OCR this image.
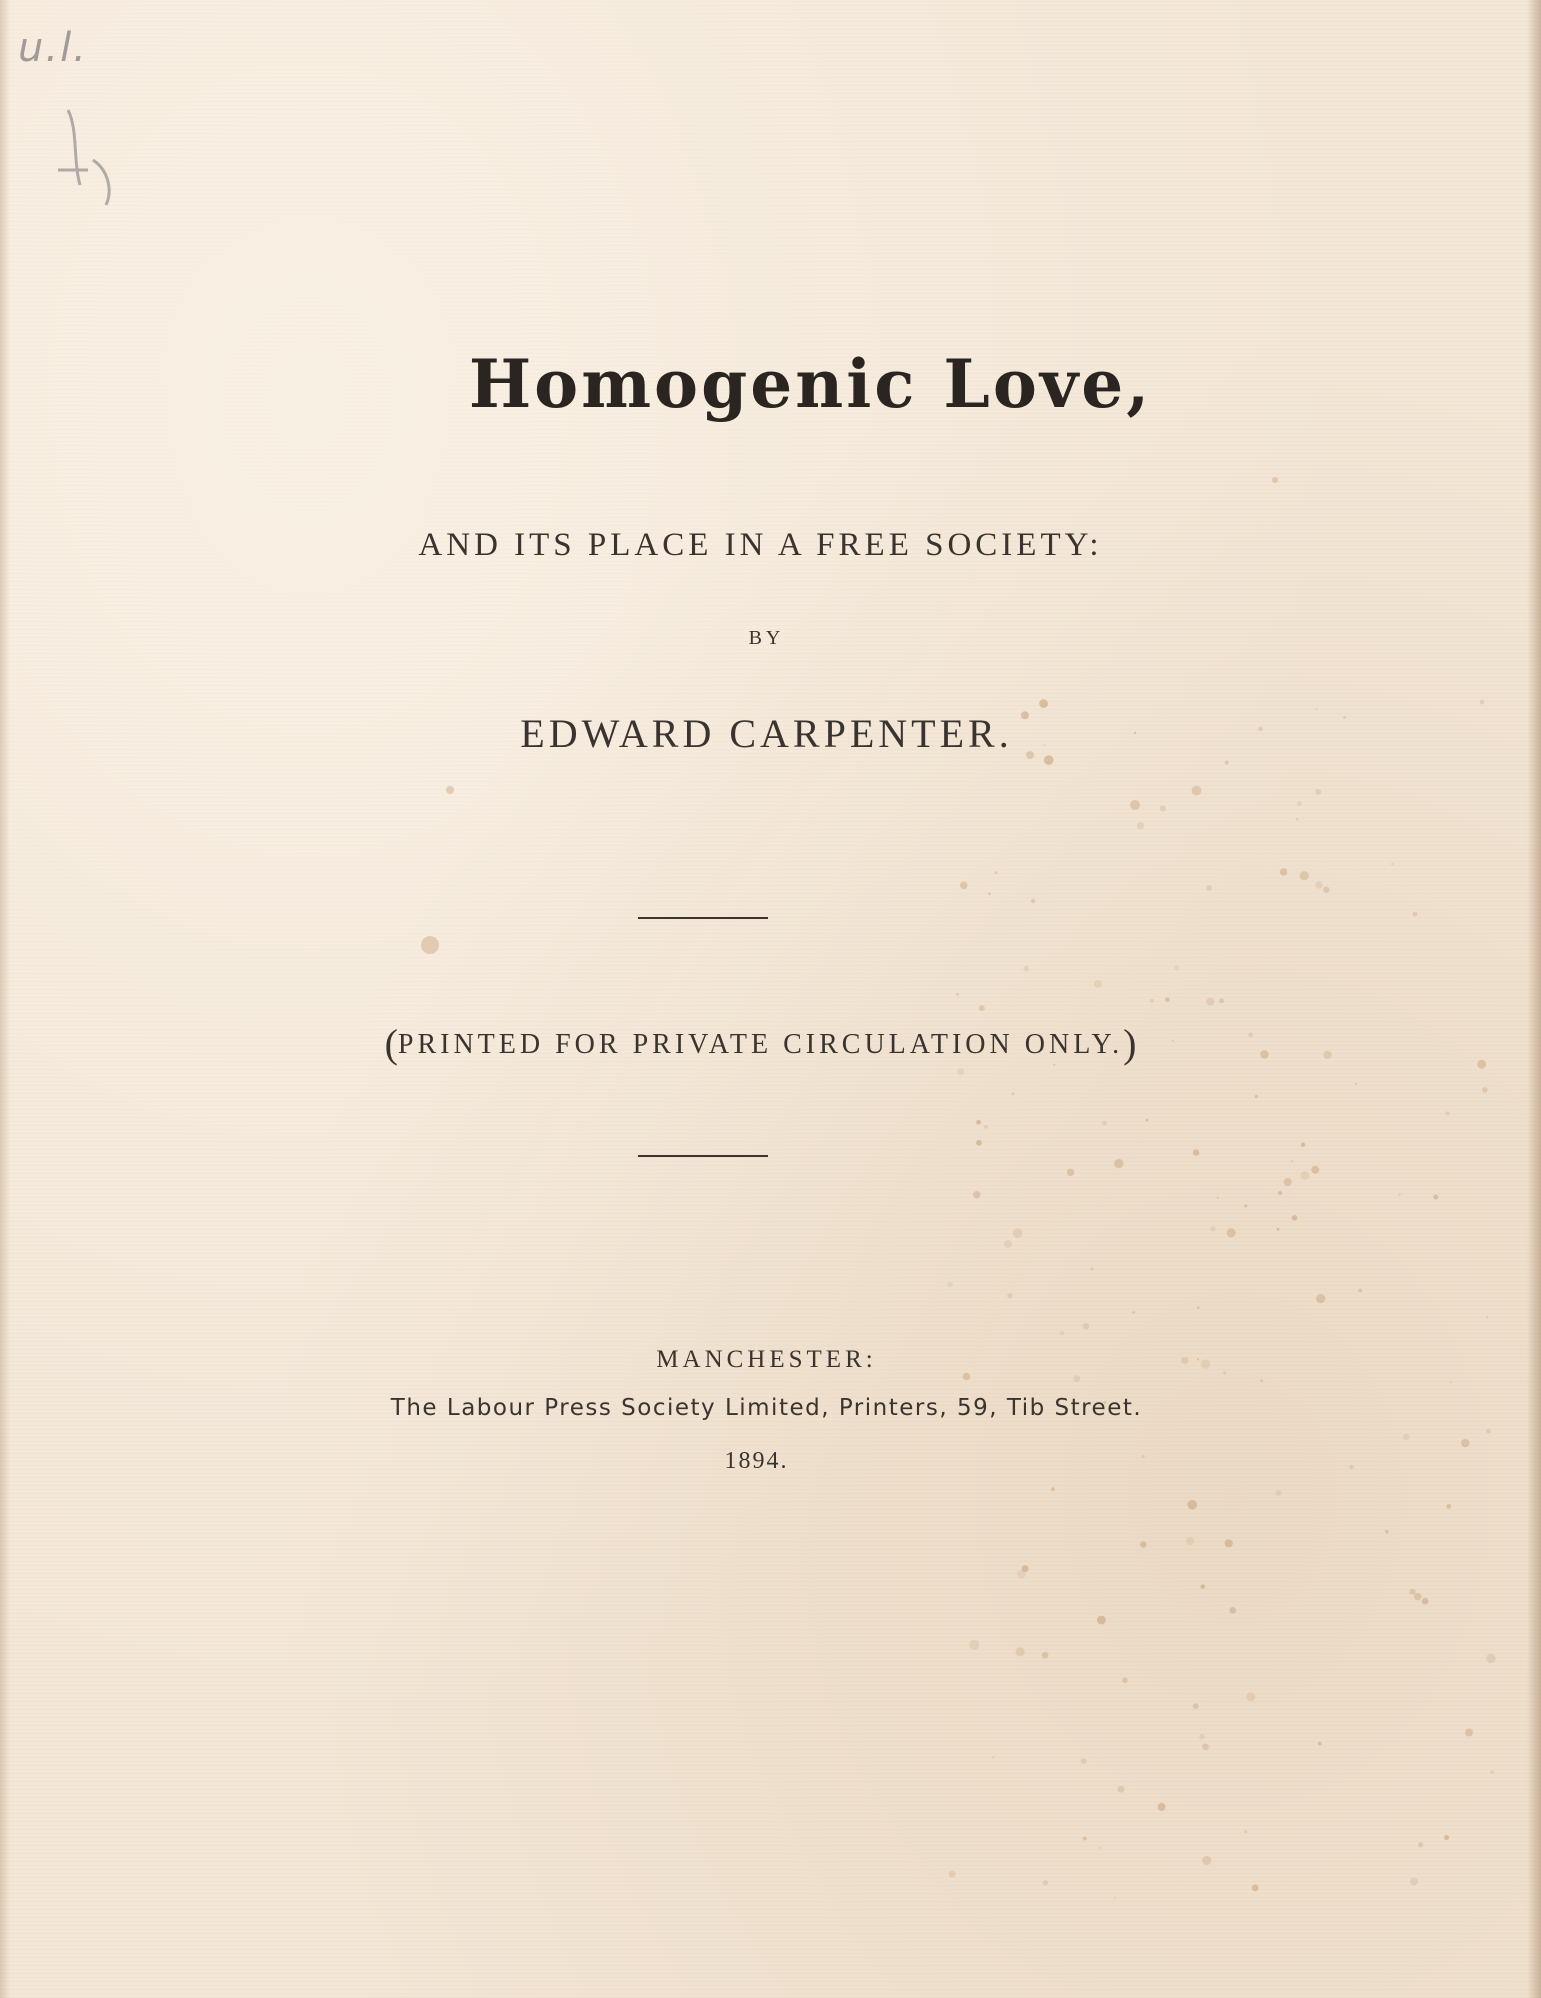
u.l.
Homogenic Love,
AND ITS PLACE IN A FREE SOCIETY:
BY
EDWARD CARPENTER.
(PRINTED FOR PRIVATE CIRCULATION ONLY.)
MANCHESTER:
The Labour Press Society Limited, Printers, 59, Tib Street.
1894.
